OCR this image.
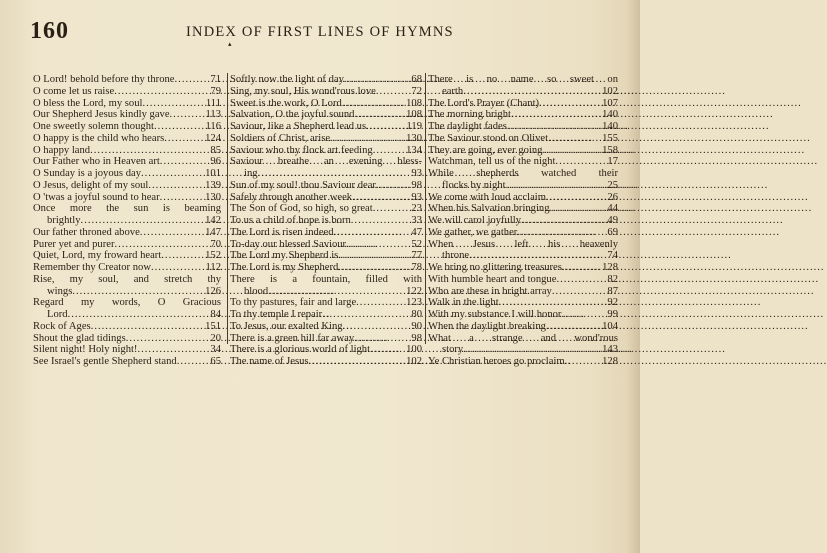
160	INDEX OF FIRST LINES OF HYMNS
▴
O Lord! behold before thy throne .....	71
O come let us raise .....	79
O bless the Lord, my soul .....	111
Our Shepherd Jesus kindly gave .....	113
One sweetly solemn thought .....	116
O happy is the child who hears .....	124
O happy land .....	85
Our Father who in Heaven art .....	96
O Sunday is a joyous day .....	101
O Jesus, delight of my soul .....	139
O 'twas a joyful sound to hear .....	130
Once more the sun is beaming
brightly .....	142
Our father throned above .....	147
Purer yet and purer .....	70
Quiet, Lord, my froward heart .....	152
Remember thy Creator now .....	112
Rise, my soul, and stretch thy
wings .....	126
Regard my words, O Gracious
Lord .....	84
Rock of Ages .....	151
Shout the glad tidings .....	20
Silent night! Holy night! .....	34
See Israel's gentle Shepherd stand .....	65
Softly now the light of day .....	68
Sing, my soul, His wond'rous love .....	72
Sweet is the work, O Lord .....	108
Salvation, O the joyful sound .....	108
Saviour, like a Shepherd lead us .....	119
Soldiers of Christ, arise .....	130
Saviour who thy flock art feeding .....	134
Saviour breathe an evening bless-
ing .....	93
Sun of my soul! thou Saviour dear .....	98
Safely through another week .....	93
The Son of God, so high, so great .....	23
To us a child of hope is born .....	33
The Lord is risen indeed .....	47
To-day our blessed Saviour .....	52
The Lord my Shepherd is .....	77
The Lord is my Shepherd .....	78
There is a fountain, filled with
blood .....	122
To thy pastures, fair and large .....	123
To thy temple I repair .....	80
To Jesus, our exalted King .....	90
There is a green hill far away .....	98
There is a glorious world of light .....	100
The name of Jesus .....	102
There is no name so sweet on
earth .....	102
The Lord's Prayer (Chant) .....	107
The morning bright .....	140
The daylight fades .....	140
The Saviour stood on Olivet .....	155
They are going, ever going .....	158
Watchman, tell us of the night .....	17
While shepherds watched their
flocks by night .....	25
We come with loud acclaim .....	26
When his Salvation bringing .....	44
We will carol joyfully .....	49
We gather, we gather .....	69
When Jesus left his heavenly
throne .....	74
We bring no glittering treasures .....	128
With humble heart and tongue .....	82
Who are these in bright array .....	87
Walk in the light .....	92
With my substance I will honor .....	99
When the daylight breaking .....	104
What a strange and wond'rous
story .....	143
Ye Christian heroes go proclaim .....	128
